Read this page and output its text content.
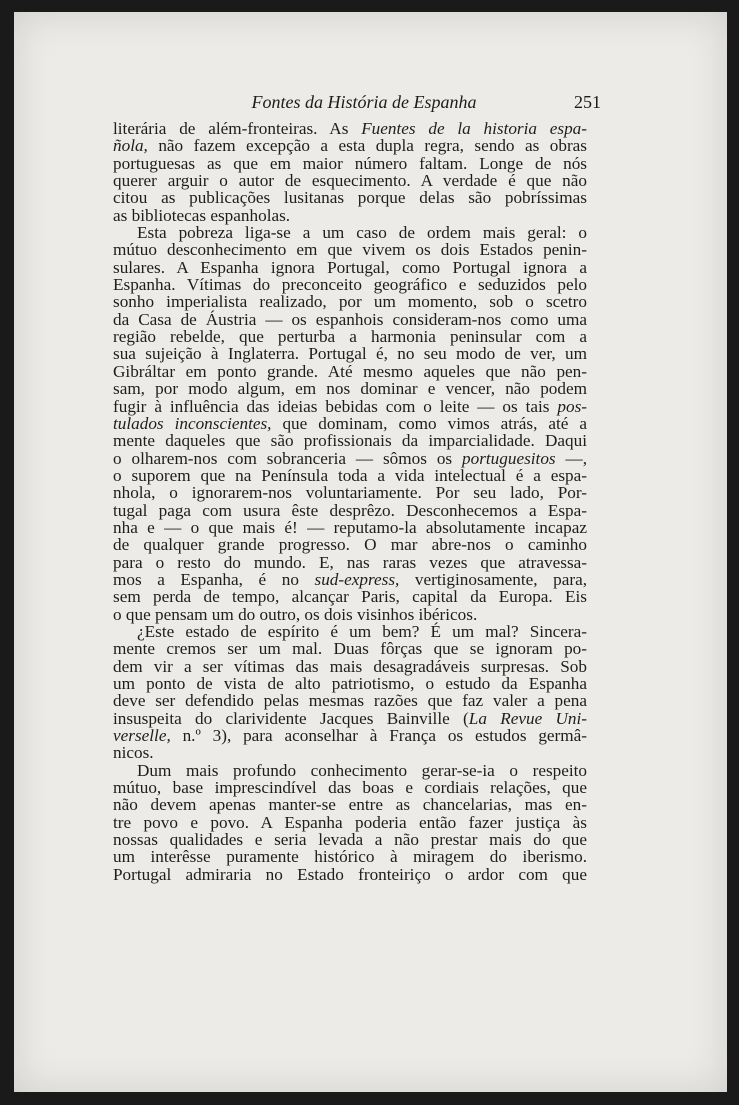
Fontes da História de Espanha	251
literária de além-fronteiras. As Fuentes de la historia espa-
ñola, não fazem excepção a esta dupla regra, sendo as obras
portuguesas as que em maior número faltam. Longe de nós
querer arguir o autor de esquecimento. A verdade é que não
citou as publicações lusitanas porque delas são pobríssimas
as bibliotecas espanholas.
Esta pobreza liga-se a um caso de ordem mais geral: o
mútuo desconhecimento em que vivem os dois Estados penin-
sulares. A Espanha ignora Portugal, como Portugal ignora a
Espanha. Vítimas do preconceito geográfico e seduzidos pelo
sonho imperialista realizado, por um momento, sob o scetro
da Casa de Áustria — os espanhois consideram-nos como uma
região rebelde, que perturba a harmonia peninsular com a
sua sujeição à Inglaterra. Portugal é, no seu modo de ver, um
Gibráltar em ponto grande. Até mesmo aqueles que não pen-
sam, por modo algum, em nos dominar e vencer, não podem
fugir à influência das ideias bebidas com o leite — os tais pos-
tulados inconscientes, que dominam, como vimos atrás, até a
mente daqueles que são profissionais da imparcialidade. Daqui
o olharem-nos com sobranceria — sômos os portuguesitos —,
o suporem que na Península toda a vida intelectual é a espa-
nhola, o ignorarem-nos voluntariamente. Por seu lado, Por-
tugal paga com usura êste desprêzo. Desconhecemos a Espa-
nha e — o que mais é! — reputamo-la absolutamente incapaz
de qualquer grande progresso. O mar abre-nos o caminho
para o resto do mundo. E, nas raras vezes que atravessa-
mos a Espanha, é no sud-express, vertiginosamente, para,
sem perda de tempo, alcançar Paris, capital da Europa. Eis
o que pensam um do outro, os dois visinhos ibéricos.
¿Este estado de espírito é um bem? É um mal? Sincera-
mente cremos ser um mal. Duas fôrças que se ignoram po-
dem vir a ser vítimas das mais desagradáveis surpresas. Sob
um ponto de vista de alto patriotismo, o estudo da Espanha
deve ser defendido pelas mesmas razões que faz valer a pena
insuspeita do clarividente Jacques Bainville (La Revue Uni-
verselle, n.º 3), para aconselhar à França os estudos germâ-
nicos.
Dum mais profundo conhecimento gerar-se-ia o respeito
mútuo, base imprescindível das boas e cordiais relações, que
não devem apenas manter-se entre as chancelarias, mas en-
tre povo e povo. A Espanha poderia então fazer justiça às
nossas qualidades e seria levada a não prestar mais do que
um interêsse puramente histórico à miragem do iberismo.
Portugal admiraria no Estado fronteiriço o ardor com que
